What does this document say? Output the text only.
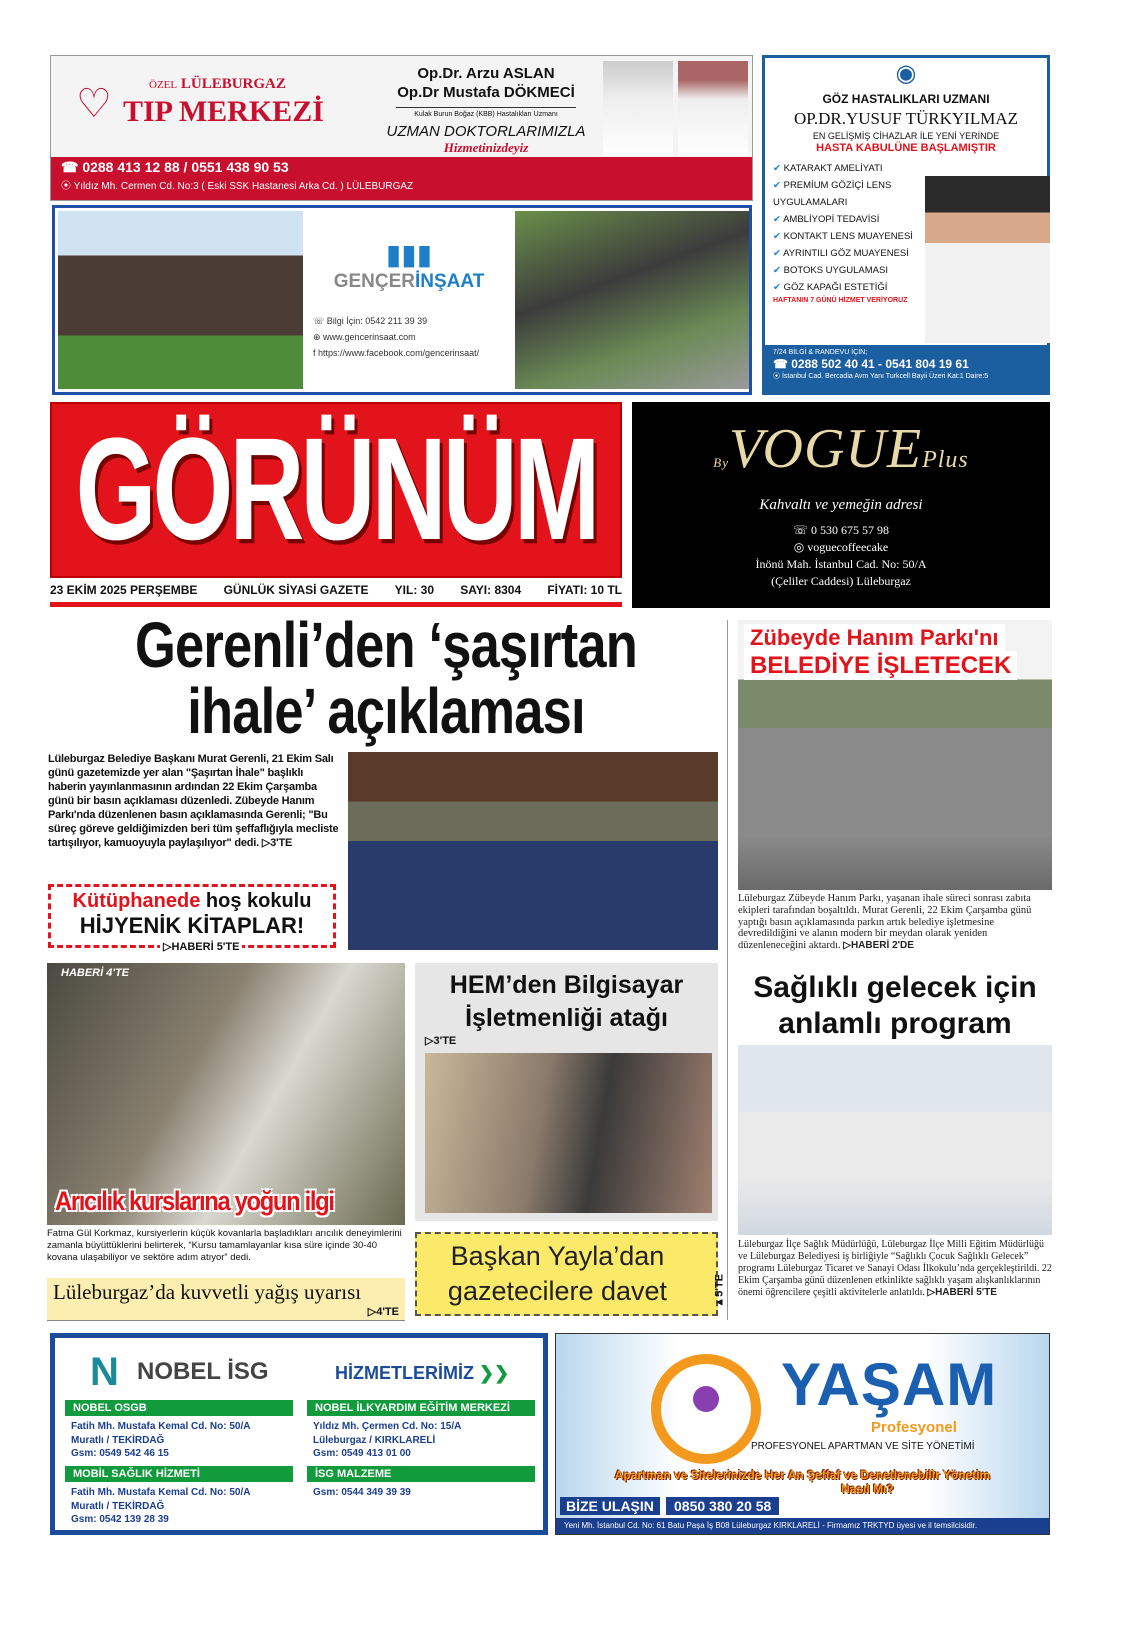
♡	ÖZEL LÜLEBURGAZ
TIP MERKEZİ
Op.Dr. Arzu ASLAN
Op.Dr Mustafa DÖKMECİ
Kulak Burun Boğaz (KBB) Hastalıkları Uzmanı
UZMAN DOKTORLARIMIZLA
Hizmetinizdeyiz
☎ 0288 413 12 88 / 0551 438 90 53
⦿ Yıldız Mh. Cermen Cd. No:3 ( Eski SSK Hastanesi Arka Cd. ) LÜLEBURGAZ
▮▮▮
GENÇERİNŞAAT
☏ Bilgi İçin: 0542 211 39 39
⊕ www.gencerinsaat.com
f https://www.facebook.com/gencerinsaat/
◉
GÖZ HASTALIKLARI UZMANI
OP.DR.YUSUF TÜRKYILMAZ
EN GELİŞMİŞ CİHAZLAR İLE YENİ YERİNDE
HASTA KABULÜNE BAŞLAMIŞTIR
✔ KATARAKT AMELİYATI
✔ PREMİUM GÖZİÇİ LENS UYGULAMALARI
✔ AMBLİYOPİ TEDAVİSİ
✔ KONTAKT LENS MUAYENESİ
✔ AYRINTILI GÖZ MUAYENESİ
✔ BOTOKS UYGULAMASI
✔ GÖZ KAPAĞI ESTETİĞİ
HAFTANIN 7 GÜNÜ HİZMET VERİYORUZ
7/24 BİLGİ & RANDEVU İÇİN;
☎ 0288 502 40 41 - 0541 804 19 61
⦿ İstanbul Cad. Bercadia Avm Yanı Turkcell Bayii Üzeri Kat:1 Daire:5
GÖRÜNÜM
23 EKİM 2025 PERŞEMBE GÜNLÜK SİYASİ GAZETE YIL: 30 SAYI: 8304 FİYATI: 10 TL
ByVOGUEPlus
Kahvaltı ve yemeğin adresi
☏ 0 530 675 57 98
◎ voguecoffeecake
İnönü Mah. İstanbul Cad. No: 50/A
(Çeliler Caddesi) Lüleburgaz
Gerenli’den ‘şaşırtan
ihale’ açıklaması
Lüleburgaz Belediye Başkanı Murat Gerenli, 21 Ekim Salı günü gazetemizde yer alan "Şaşırtan İhale" başlıklı haberin yayınlanmasının ardından 22 Ekim Çarşamba günü bir basın açıklaması düzenledi. Zübeyde Hanım Parkı'nda düzenlenen basın açıklamasında Gerenli; "Bu süreç göreve geldiğimizden beri tüm şeffaflığıyla mecliste tartışılıyor, kamuoyuyla paylaşılıyor" dedi. ▷3'TE
Kütüphanede hoş kokulu
HİJYENİK KİTAPLAR!
▷HABERİ 5'TE
Zübeyde Hanım Parkı'nı BELEDİYE İŞLETECEK
Lüleburgaz Zübeyde Hanım Parkı, yaşanan ihale süreci sonrası zabıta ekipleri tarafından boşaltıldı. Murat Gerenli, 22 Ekim Çarşamba günü yaptığı basın açıklamasında parkın artık belediye işletmesine devredildiğini ve alanın modern bir meydan olarak yeniden düzenleneceğini aktardı. ▷HABERİ 2'DE
HABERİ 4'TE
Arıcılık kurslarına yoğun ilgi
Fatma Gül Korkmaz, kursiyerlerin küçük kovanlarla başladıkları arıcılık deneyimlerini zamanla büyüttüklerini belirterek, “Kursu tamamlayanlar kısa süre içinde 30-40 kovana ulaşabiliyor ve sektöre adım atıyor” dedi.
Lüleburgaz’da kuvvetli yağış uyarısı
▷4'TE
HEM’den Bilgisayar
İşletmenliği atağı
▷3'TE
Başkan Yayla’dan
gazetecilere davet	▲5'TE
Sağlıklı gelecek için
anlamlı program
Lüleburgaz İlçe Sağlık Müdürlüğü, Lüleburgaz İlçe Milli Eğitim Müdürlüğü ve Lüleburgaz Belediyesi iş birliğiyle “Sağlıklı Çocuk Sağlıklı Gelecek” programı Lüleburgaz Ticaret ve Sanayi Odası İlkokulu’nda gerçekleştirildi. 22 Ekim Çarşamba günü düzenlenen etkinlikte sağlıklı yaşam alışkanlıklarının önemi öğrencilere çeşitli aktivitelerle anlatıldı. ▷HABERİ 5'TE
N NOBEL İSG	HİZMETLERİMİZ ❯❯
NOBEL OSGB
Fatih Mh. Mustafa Kemal Cd. No: 50/A
Muratlı / TEKİRDAĞ
Gsm: 0549 542 46 15
NOBEL İLKYARDIM EĞİTİM MERKEZİ
Yıldız Mh. Çermen Cd. No: 15/A
Lüleburgaz / KIRKLARELİ
Gsm: 0549 413 01 00
MOBİL SAĞLIK HİZMETİ
Fatih Mh. Mustafa Kemal Cd. No: 50/A
Muratlı / TEKİRDAĞ
Gsm: 0542 139 28 39
İSG MALZEME
Gsm: 0544 349 39 39
YAŞAM
Profesyonel
PROFESYONEL APARTMAN VE SİTE YÖNETİMİ
Apartman ve Sitelerinizde Her An Şeffaf ve Denetlenebilir Yönetim
Nasıl Mı?
BİZE ULAŞIN	0850 380 20 58
Yeni Mh. İstanbul Cd. No: 61 Batu Paşa İş B08 Lüleburgaz KIRKLARELİ - Firmamız TRKTYD üyesi ve il temsilcisidir.
